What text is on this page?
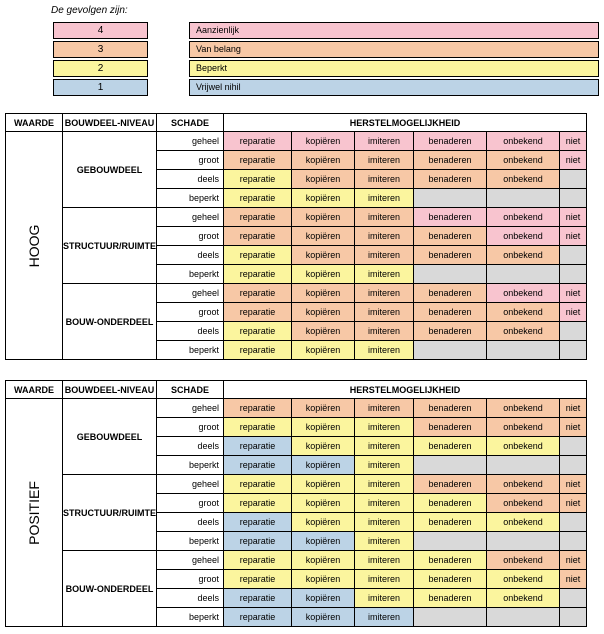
De gevolgen zijn:
4	Aanzienlijk
3	Van belang
2	Beperkt
1	Vrijwel nihil
WAARDE	BOUWDEEL-NIVEAU	SCHADE	HERSTELMOGELIJKHEID					

HOOG	GEBOUWDEEL	geheel	reparatie	kopiëren	imiteren	benaderen	onbekend	niet
		groot	reparatie	kopiëren	imiteren	benaderen	onbekend	niet
		deels	reparatie	kopiëren	imiteren	benaderen	onbekend	
		beperkt	reparatie	kopiëren	imiteren			
	STRUCTUUR/RUIMTE	geheel	reparatie	kopiëren	imiteren	benaderen	onbekend	niet
		groot	reparatie	kopiëren	imiteren	benaderen	onbekend	niet
		deels	reparatie	kopiëren	imiteren	benaderen	onbekend	
		beperkt	reparatie	kopiëren	imiteren			
	BOUW-ONDERDEEL	geheel	reparatie	kopiëren	imiteren	benaderen	onbekend	niet
		groot	reparatie	kopiëren	imiteren	benaderen	onbekend	niet
		deels	reparatie	kopiëren	imiteren	benaderen	onbekend	
		beperkt	reparatie	kopiëren	imiteren			
WAARDE	BOUWDEEL-NIVEAU	SCHADE	HERSTELMOGELIJKHEID					

POSITIEF	GEBOUWDEEL	geheel	reparatie	kopiëren	imiteren	benaderen	onbekend	niet
		groot	reparatie	kopiëren	imiteren	benaderen	onbekend	niet
		deels	reparatie	kopiëren	imiteren	benaderen	onbekend	
		beperkt	reparatie	kopiëren	imiteren			
	STRUCTUUR/RUIMTE	geheel	reparatie	kopiëren	imiteren	benaderen	onbekend	niet
		groot	reparatie	kopiëren	imiteren	benaderen	onbekend	niet
		deels	reparatie	kopiëren	imiteren	benaderen	onbekend	
		beperkt	reparatie	kopiëren	imiteren			
	BOUW-ONDERDEEL	geheel	reparatie	kopiëren	imiteren	benaderen	onbekend	niet
		groot	reparatie	kopiëren	imiteren	benaderen	onbekend	niet
		deels	reparatie	kopiëren	imiteren	benaderen	onbekend	
		beperkt	reparatie	kopiëren	imiteren			
